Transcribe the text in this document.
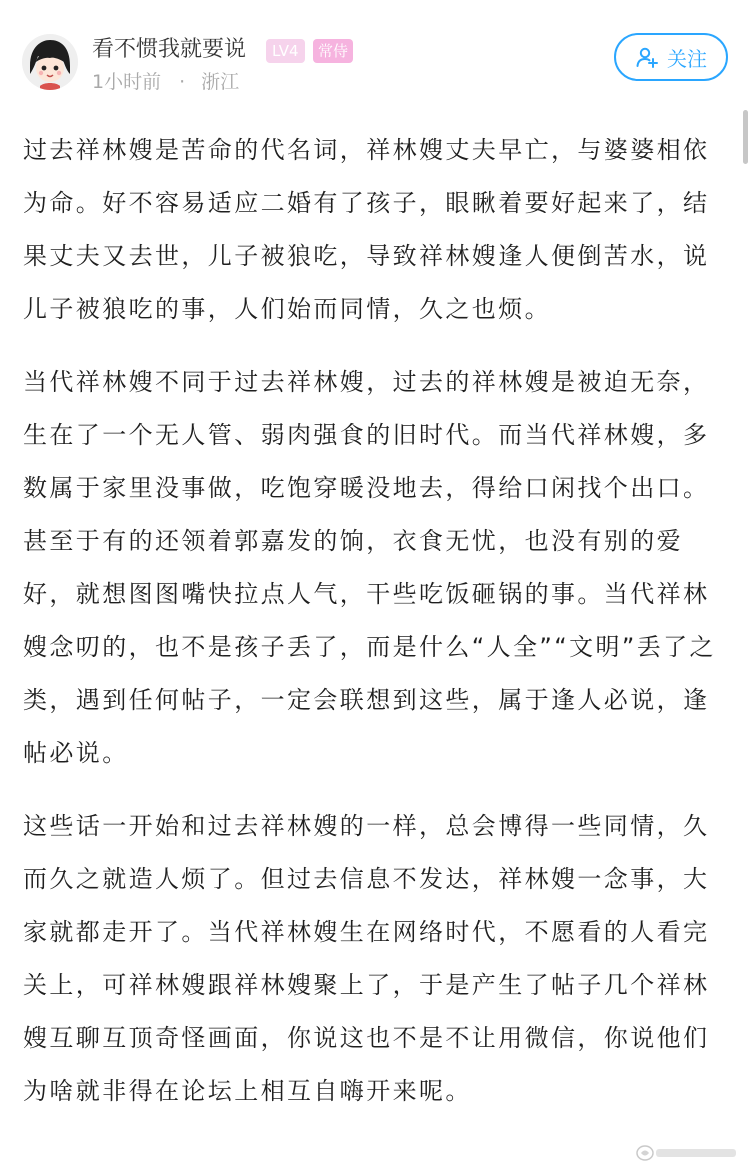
看不惯我就要说	LV4	常侍
1小时前 · 浙江
关注

过去祥林嫂是苦命的代名词，祥林嫂丈夫早亡，与婆婆相依为命。好不容易适应二婚有了孩子，眼瞅着要好起来了，结果丈夫又去世，儿子被狼吃，导致祥林嫂逢人便倒苦水，说儿子被狼吃的事，人们始而同情，久之也烦。

当代祥林嫂不同于过去祥林嫂，过去的祥林嫂是被迫无奈，生在了一个无人管、弱肉强食的旧时代。而当代祥林嫂，多数属于家里没事做，吃饱穿暖没地去，得给口闲找个出口。甚至于有的还领着郭嘉发的饷，衣食无忧，也没有别的爱好，就想图图嘴快拉点人气，干些吃饭砸锅的事。当代祥林嫂念叨的，也不是孩子丢了，而是什么“人全”“文明”丢了之类，遇到任何帖子，一定会联想到这些，属于逢人必说，逢帖必说。

这些话一开始和过去祥林嫂的一样，总会博得一些同情，久而久之就造人烦了。但过去信息不发达，祥林嫂一念事，大家就都走开了。当代祥林嫂生在网络时代，不愿看的人看完关上，可祥林嫂跟祥林嫂聚上了，于是产生了帖子几个祥林嫂互聊互顶奇怪画面，你说这也不是不让用微信，你说他们为啥就非得在论坛上相互自嗨开来呢。
